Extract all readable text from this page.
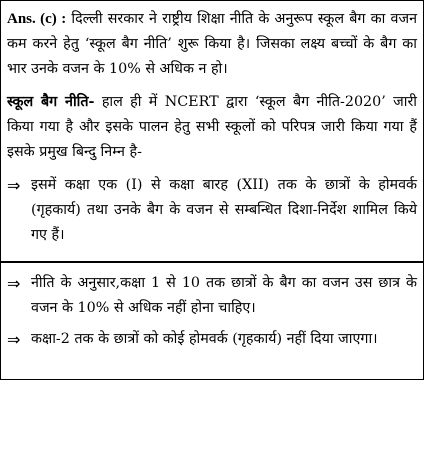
Ans. (c) : दिल्ली सरकार ने राष्ट्रीय शिक्षा नीति के अनुरूप स्कूल बैग का वजन कम करने हेतु ‘स्कूल बैग नीति’ शुरू किया है। जिसका लक्ष्य बच्चों के बैग का भार उनके वजन के 10% से अधिक न हो।

स्कूल बैग नीति- हाल ही में NCERT द्वारा ‘स्कूल बैग नीति-2020’ जारी किया गया है और इसके पालन हेतु सभी स्कूलों को परिपत्र जारी किया गया हैं इसके प्रमुख बिन्दु निम्न है-

⇒ इसमें कक्षा एक (I) से कक्षा बारह (XII) तक के छात्रों के होमवर्क (गृहकार्य) तथा उनके बैग के वजन से सम्बन्धित दिशा-निर्देश शामिल किये गए हैं।
⇒ नीति के अनुसार,कक्षा 1 से 10 तक छात्रों के बैग का वजन उस छात्र के वजन के 10% से अधिक नहीं होना चाहिए।
⇒ कक्षा-2 तक के छात्रों को कोई होमवर्क (गृहकार्य) नहीं दिया जाएगा।
